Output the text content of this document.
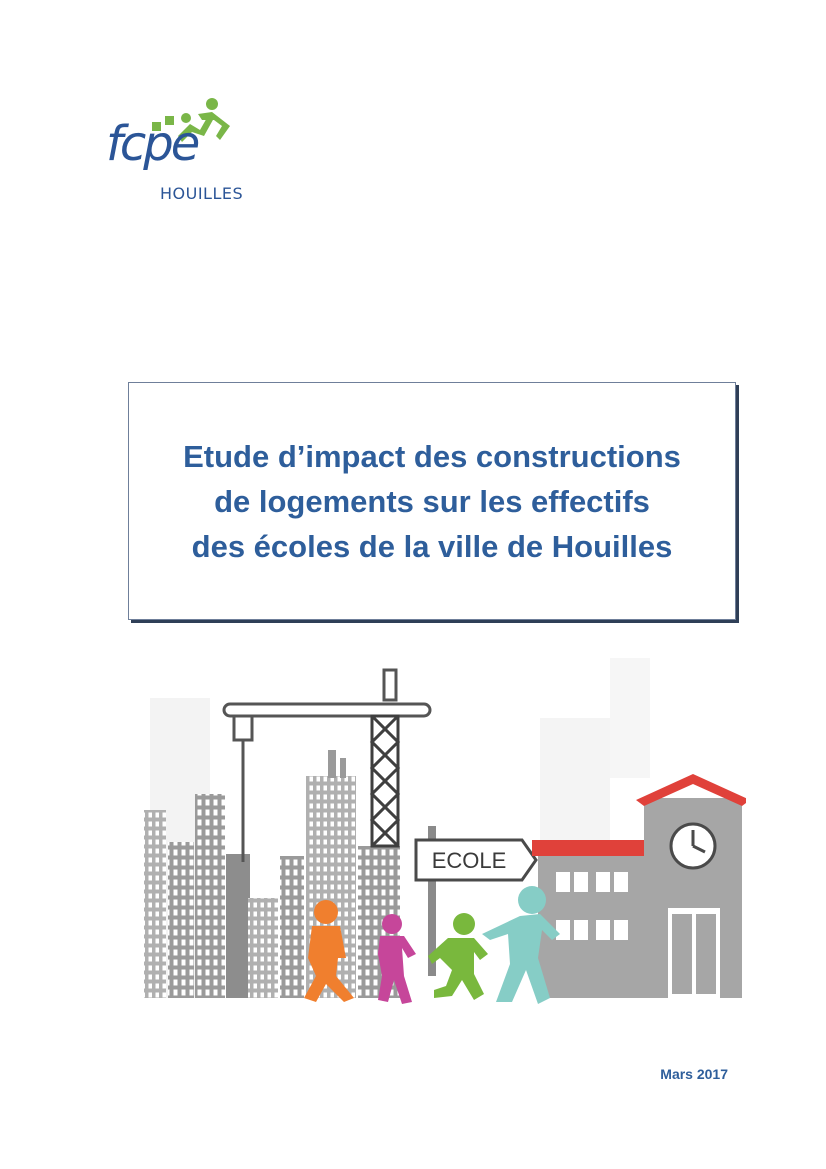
fcpe
HOUILLES
Etude d’impact des constructions
de logements sur les effectifs
des écoles de la ville de Houilles
ECOLE
Mars 2017
